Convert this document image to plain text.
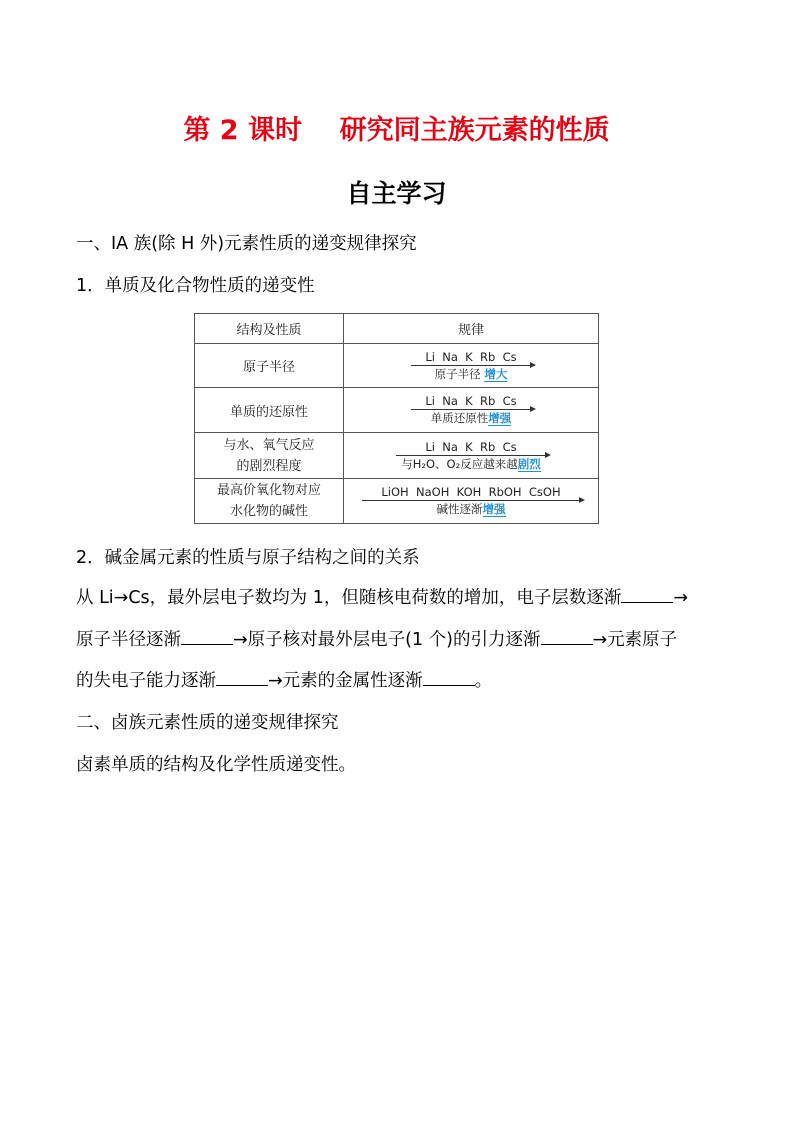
第 2 课时    研究同主族元素的性质
自主学习
一、ⅠA 族(除 H 外)元素性质的递变规律探究
1．单质及化合物性质的递变性
结构及性质	规律
原子半径	Li  Na  K  Rb  Cs
原子半径 增大

单质的还原性	Li  Na  K  Rb  Cs
单质还原性增强

与水、氧气反应
的剧烈程度	Li  Na  K  Rb  Cs
与H₂O、O₂反应越来越剧烈

最高价氧化物对应
水化物的碱性	LiOH  NaOH  KOH  RbOH  CsOH
碱性逐渐增强
2．碱金属元素的性质与原子结构之间的关系
从 Li→Cs，最外层电子数均为 1，但随核电荷数的增加，电子层数逐渐	→
原子半径逐渐	→原子核对最外层电子(1 个)的引力逐渐	→元素原子
的失电子能力逐渐	→元素的金属性逐渐	。
二、卤族元素性质的递变规律探究
卤素单质的结构及化学性质递变性。
